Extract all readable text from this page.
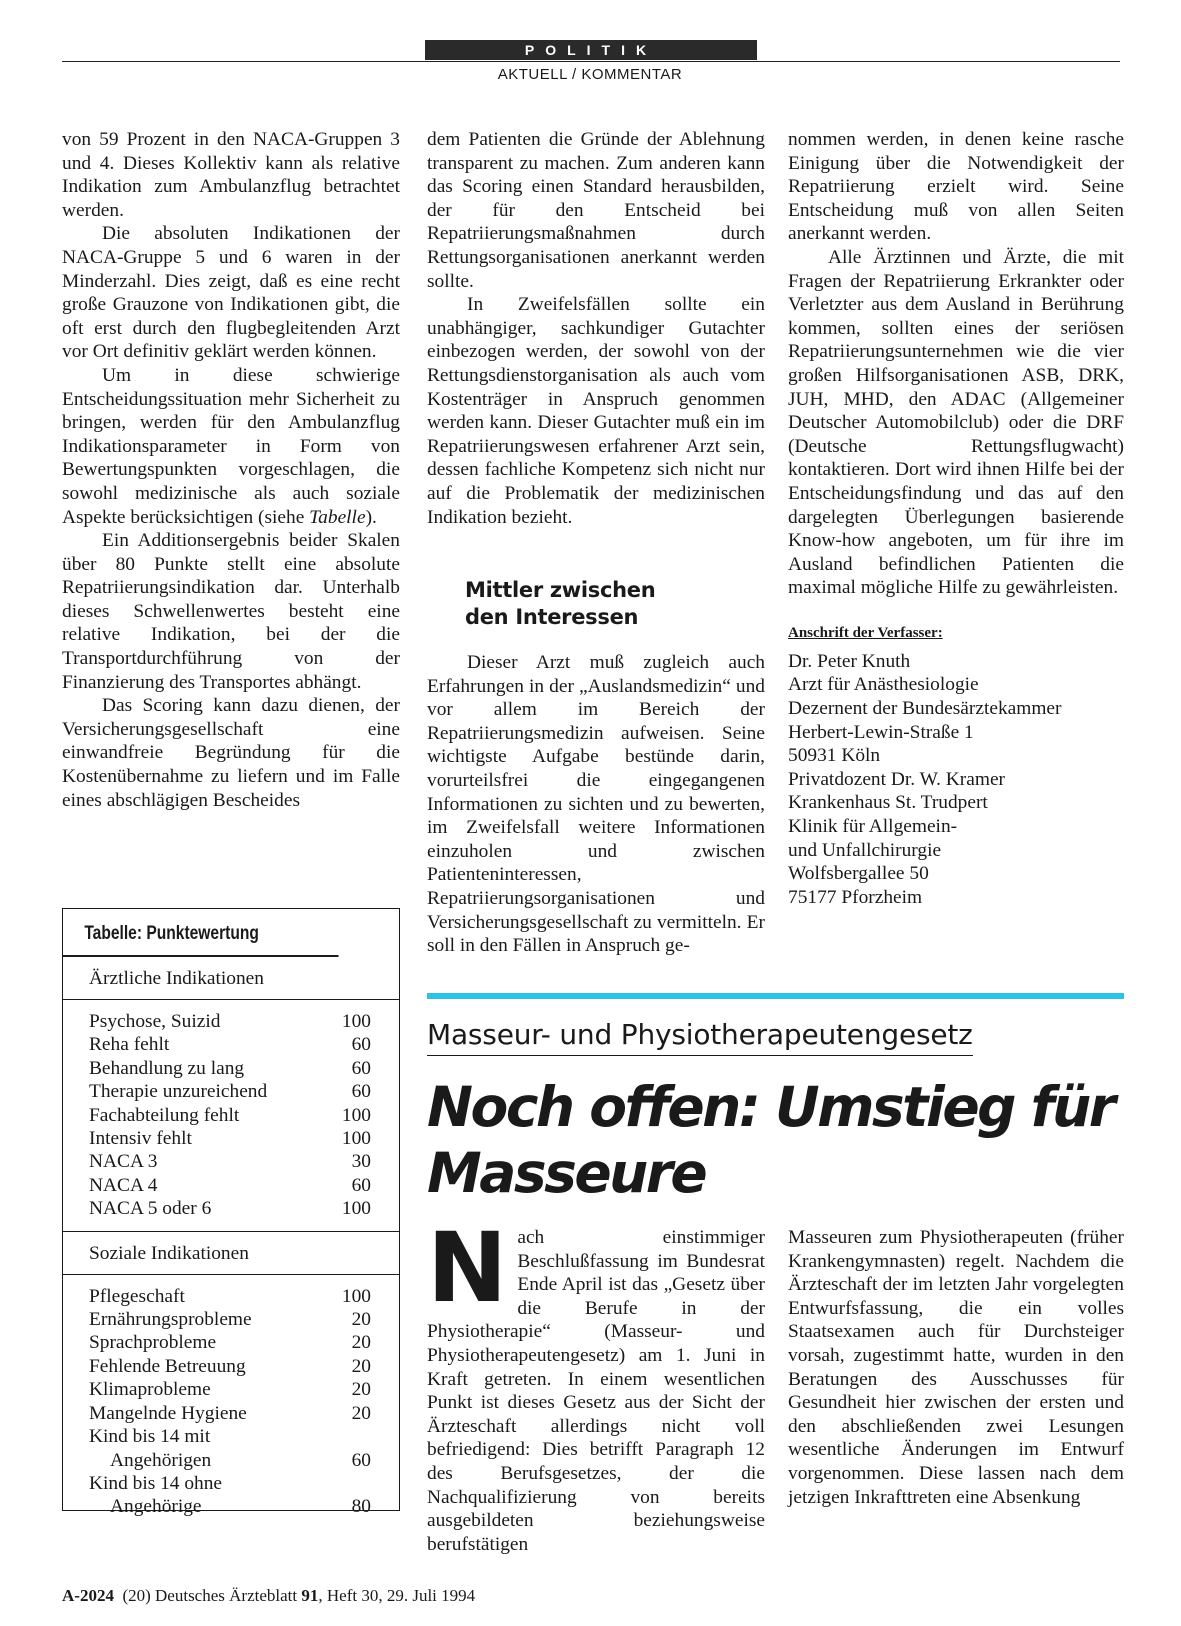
POLITIK
AKTUELL / KOMMENTAR

von 59 Prozent in den NACA-Gruppen 3 und 4. Dieses Kollektiv kann als relative Indikation zum Ambulanzflug betrachtet werden.

Die absoluten Indikationen der NACA-Gruppe 5 und 6 waren in der Minderzahl. Dies zeigt, daß es eine recht große Grauzone von Indikationen gibt, die oft erst durch den flugbegleitenden Arzt vor Ort definitiv geklärt werden können.

Um in diese schwierige Entscheidungssituation mehr Sicherheit zu bringen, werden für den Ambulanzflug Indikationsparameter in Form von Bewertungspunkten vorgeschlagen, die sowohl medizinische als auch soziale Aspekte berücksichtigen (siehe Tabelle).

Ein Additionsergebnis beider Skalen über 80 Punkte stellt eine absolute Repatriierungsindikation dar. Unterhalb dieses Schwellenwertes besteht eine relative Indikation, bei der die Transportdurchführung von der Finanzierung des Transportes abhängt.

Das Scoring kann dazu dienen, der Versicherungsgesellschaft eine einwandfreie Begründung für die Kostenübernahme zu liefern und im Falle eines abschlägigen Bescheides

Tabelle: Punktewertung
Ärztliche Indikationen
Psychose, Suizid	100
Reha fehlt	60
Behandlung zu lang	60
Therapie unzureichend	60
Fachabteilung fehlt	100
Intensiv fehlt	100
NACA 3	30
NACA 4	60
NACA 5 oder 6	100
Soziale Indikationen
Pflegeschaft	100
Ernährungsprobleme	20
Sprachprobleme	20
Fehlende Betreuung	20
Klimaprobleme	20
Mangelnde Hygiene	20
Kind bis 14 mit
Angehörigen	60
Kind bis 14 ohne
Angehörige	80

dem Patienten die Gründe der Ablehnung transparent zu machen. Zum anderen kann das Scoring einen Standard herausbilden, der für den Entscheid bei Repatriierungsmaßnahmen durch Rettungsorganisationen anerkannt werden sollte.

In Zweifelsfällen sollte ein unabhängiger, sachkundiger Gutachter einbezogen werden, der sowohl von der Rettungsdienstorganisation als auch vom Kostenträger in Anspruch genommen werden kann. Dieser Gutachter muß ein im Repatriierungswesen erfahrener Arzt sein, dessen fachliche Kompetenz sich nicht nur auf die Problematik der medizinischen Indikation bezieht.

Mittler zwischen
den Interessen

Dieser Arzt muß zugleich auch Erfahrungen in der „Auslandsmedizin“ und vor allem im Bereich der Repatriierungsmedizin aufweisen. Seine wichtigste Aufgabe bestünde darin, vorurteilsfrei die eingegangenen Informationen zu sichten und zu bewerten, im Zweifelsfall weitere Informationen einzuholen und zwischen Patienteninteressen, Repatriierungsorganisationen und Versicherungsgesellschaft zu vermitteln. Er soll in den Fällen in Anspruch ge-

nommen werden, in denen keine rasche Einigung über die Notwendigkeit der Repatriierung erzielt wird. Seine Entscheidung muß von allen Seiten anerkannt werden.

Alle Ärztinnen und Ärzte, die mit Fragen der Repatriierung Erkrankter oder Verletzter aus dem Ausland in Berührung kommen, sollten eines der seriösen Repatriierungsunternehmen wie die vier großen Hilfsorganisationen ASB, DRK, JUH, MHD, den ADAC (Allgemeiner Deutscher Automobilclub) oder die DRF (Deutsche Rettungsflugwacht) kontaktieren. Dort wird ihnen Hilfe bei der Entscheidungsfindung und das auf den dargelegten Überlegungen basierende Know-how angeboten, um für ihre im Ausland befindlichen Patienten die maximal mögliche Hilfe zu gewährleisten.

Anschrift der Verfasser:

Dr. Peter Knuth

Arzt für Anästhesiologie

Dezernent der Bundesärztekammer

Herbert-Lewin-Straße 1

50931 Köln

Privatdozent Dr. W. Kramer

Krankenhaus St. Trudpert

Klinik für Allgemein-

und Unfallchirurgie

Wolfsbergallee 50

75177 Pforzheim

Masseur- und Physiotherapeutengesetz
Noch offen: Umstieg für
Masseure

Nach einstimmiger Beschlußfassung im Bundesrat Ende April ist das „Gesetz über die Berufe in der Physiotherapie“ (Masseur- und Physiotherapeutengesetz) am 1. Juni in Kraft getreten. In einem wesentlichen Punkt ist dieses Gesetz aus der Sicht der Ärzteschaft allerdings nicht voll befriedigend: Dies betrifft Paragraph 12 des Berufsgesetzes, der die Nachqualifizierung von bereits ausgebildeten beziehungsweise berufstätigen

Masseuren zum Physiotherapeuten (früher Krankengymnasten) regelt. Nachdem die Ärzteschaft der im letzten Jahr vorgelegten Entwurfsfassung, die ein volles Staatsexamen auch für Durchsteiger vorsah, zugestimmt hatte, wurden in den Beratungen des Ausschusses für Gesundheit hier zwischen der ersten und den abschließenden zwei Lesungen wesentliche Änderungen im Entwurf vorgenommen. Diese lassen nach dem jetzigen Inkrafttreten eine Absenkung

A-2024 (20) Deutsches Ärzteblatt 91, Heft 30, 29. Juli 1994
